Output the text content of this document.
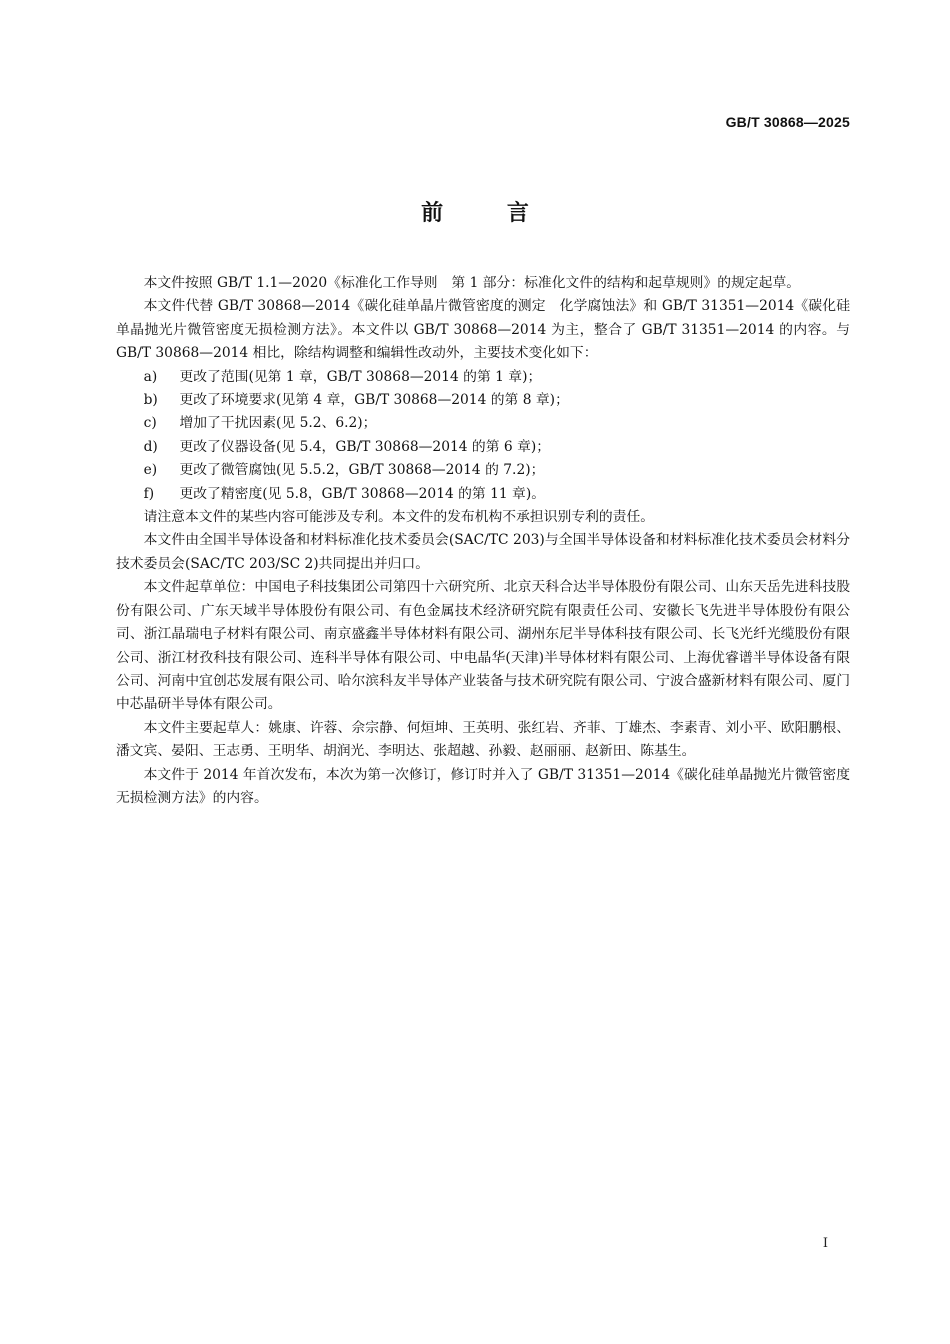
GB/T 30868—2025
前 言

本文件按照 GB/T 1.1—2020《标准化工作导则　第 1 部分：标准化文件的结构和起草规则》的规定起草。

本文件代替 GB/T 30868—2014《碳化硅单晶片微管密度的测定　化学腐蚀法》和 GB/T 31351—2014《碳化硅单晶抛光片微管密度无损检测方法》。本文件以 GB/T 30868—2014 为主，整合了 GB/T 31351—2014 的内容。与 GB/T 30868—2014 相比，除结构调整和编辑性改动外，主要技术变化如下：

a) 更改了范围(见第 1 章，GB/T 30868—2014 的第 1 章)；

b) 更改了环境要求(见第 4 章，GB/T 30868—2014 的第 8 章)；

c) 增加了干扰因素(见 5.2、6.2)；

d) 更改了仪器设备(见 5.4，GB/T 30868—2014 的第 6 章)；

e) 更改了微管腐蚀(见 5.5.2，GB/T 30868—2014 的 7.2)；

f) 更改了精密度(见 5.8，GB/T 30868—2014 的第 11 章)。

请注意本文件的某些内容可能涉及专利。本文件的发布机构不承担识别专利的责任。

本文件由全国半导体设备和材料标准化技术委员会(SAC/TC 203)与全国半导体设备和材料标准化技术委员会材料分技术委员会(SAC/TC 203/SC 2)共同提出并归口。

本文件起草单位：中国电子科技集团公司第四十六研究所、北京天科合达半导体股份有限公司、山东天岳先进科技股份有限公司、广东天域半导体股份有限公司、有色金属技术经济研究院有限责任公司、安徽长飞先进半导体股份有限公司、浙江晶瑞电子材料有限公司、南京盛鑫半导体材料有限公司、湖州东尼半导体科技有限公司、长飞光纤光缆股份有限公司、浙江材孜科技有限公司、连科半导体有限公司、中电晶华(天津)半导体材料有限公司、上海优睿谱半导体设备有限公司、河南中宜创芯发展有限公司、哈尔滨科友半导体产业装备与技术研究院有限公司、宁波合盛新材料有限公司、厦门中芯晶研半导体有限公司。

本文件主要起草人：姚康、许蓉、佘宗静、何烜坤、王英明、张红岩、齐菲、丁雄杰、李素青、刘小平、欧阳鹏根、潘文宾、晏阳、王志勇、王明华、胡润光、李明达、张超越、孙毅、赵丽丽、赵新田、陈基生。

本文件于 2014 年首次发布，本次为第一次修订，修订时并入了 GB/T 31351—2014《碳化硅单晶抛光片微管密度无损检测方法》的内容。

I
